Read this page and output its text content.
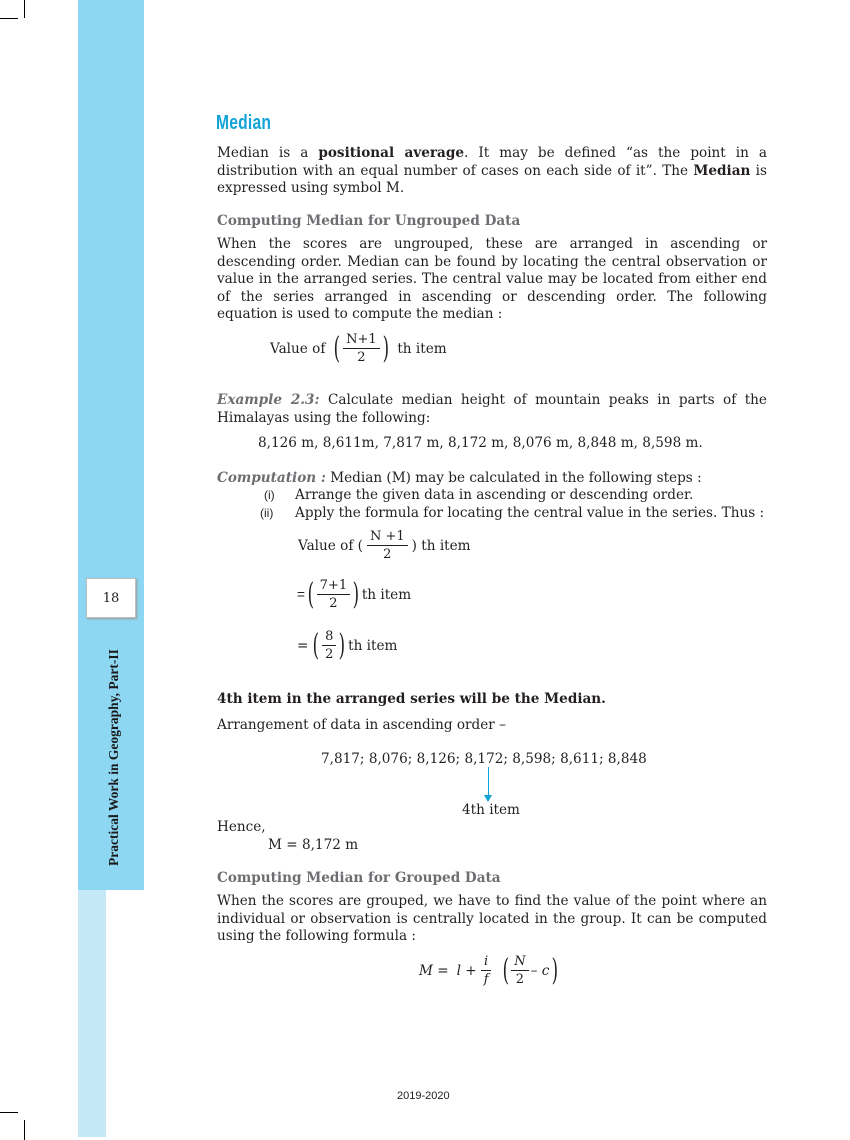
18
Practical Work in Geography, Part-II
Median
Median is a positional average. It may be defined “as the point in a distribution with an equal number of cases on each side of it”. The Median is expressed using symbol M.
Computing Median for Ungrouped Data
When the scores are ungrouped, these are arranged in ascending or descending order. Median can be found by locating the central observation or value in the arranged series. The central value may be located from either end of the series arranged in ascending or descending order. The following equation is used to compute the median :
Value of ( $\frac{N+1}{2}$ ) th item
Example 2.3: Calculate median height of mountain peaks in parts of the Himalayas using the following:
8,126 m, 8,611m, 7,817 m, 8,172 m, 8,076 m, 8,848 m, 8,598 m.
Computation : Median (M) may be calculated in the following steps :
(i) Arrange the given data in ascending or descending order.
(ii) Apply the formula for locating the central value in the series. Thus :
Value of ( $\frac{N +1}{2}$ ) th item
= ( $\frac{7+1}{2}$ ) th item
= ( $\frac{8}{2}$ ) th item
4th item in the arranged series will be the Median.
Arrangement of data in ascending order –
7,817; 8,076; 8,126; 8,172; 8,598; 8,611; 8,848
4th item
Hence,
M = 8,172 m
Computing Median for Grouped Data
When the scores are grouped, we have to find the value of the point where an individual or observation is centrally located in the group. It can be computed using the following formula :
$M = l + \frac{i}{f}$ ( $\frac{N}{2}$ – c )
2019-2020
